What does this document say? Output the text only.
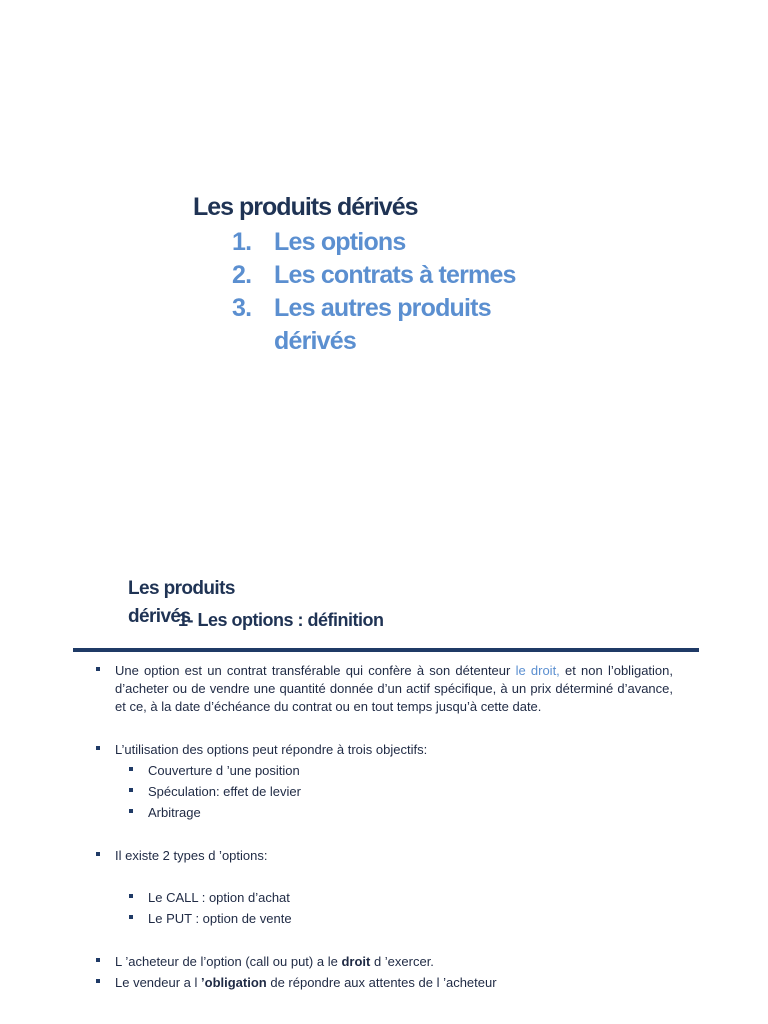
Les produits dérivés
1. Les options
2. Les contrats à termes
3. Les autres produits dérivés
Les produits dérivés
1- Les options : définition
Une option est un contrat transférable qui confère à son détenteur le droit, et non l’obligation, d’acheter ou de vendre une quantité donnée d’un actif spécifique, à un prix déterminé d’avance, et ce, à la date d’échéance du contrat ou en tout temps jusqu’à cette date.
L’utilisation des options peut répondre à trois objectifs:
Couverture d ’une position
Spéculation: effet de levier
Arbitrage
Il existe 2 types d ’options:
Le CALL : option d’achat
Le PUT : option de vente
L ’acheteur de l’option (call ou put) a le droit d ’exercer.
Le vendeur a l ’obligation de répondre aux attentes de l ’acheteur
